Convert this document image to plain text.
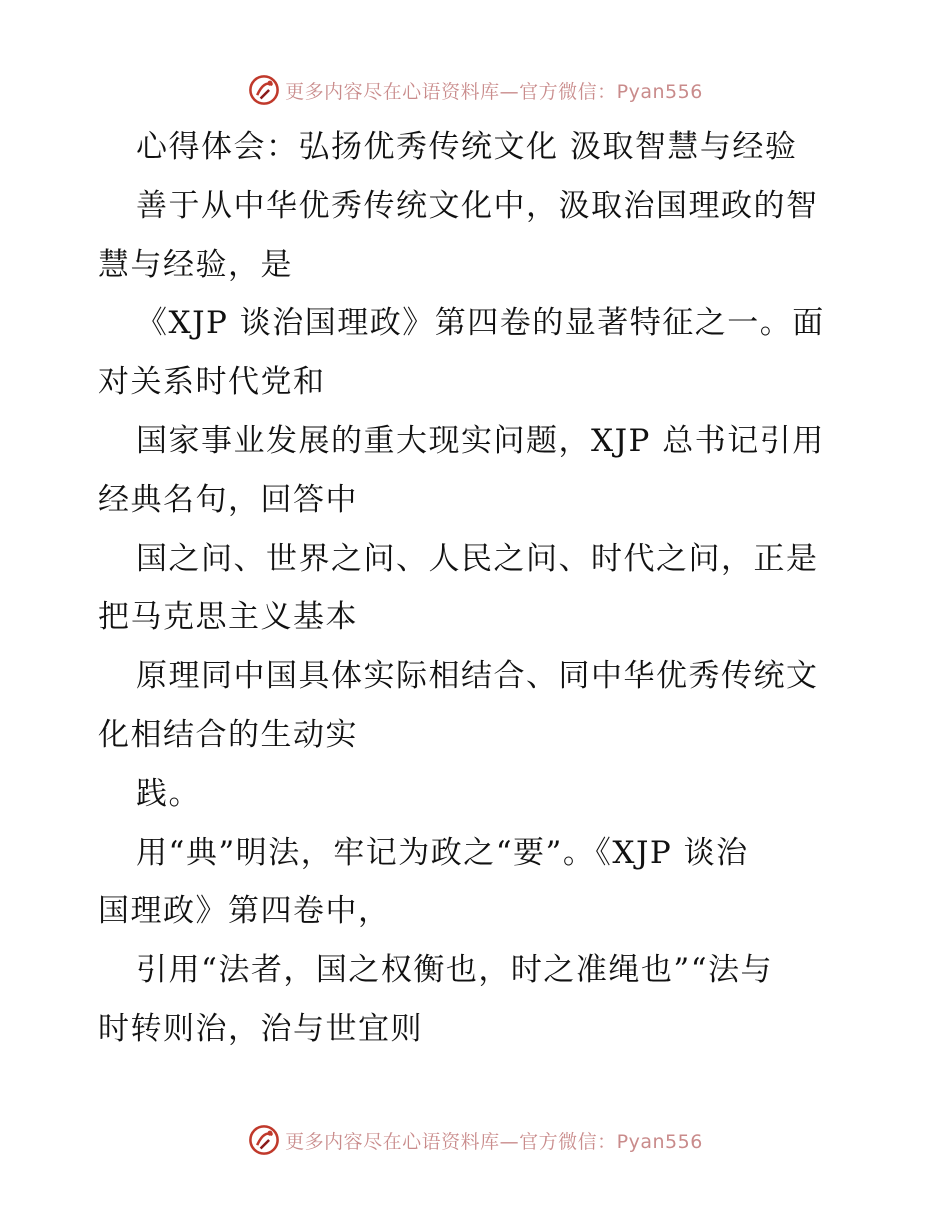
更多内容尽在心语资料库—官方微信：Pyan556
心得体会：弘扬优秀传统文化 汲取智慧与经验
善于从中华优秀传统文化中，汲取治国理政的智
慧与经验，是
《XJP 谈治国理政》第四卷的显著特征之一。面
对关系时代党和
国家事业发展的重大现实问题，XJP 总书记引用
经典名句，回答中
国之问、世界之问、人民之问、时代之问，正是
把马克思主义基本
原理同中国具体实际相结合、同中华优秀传统文
化相结合的生动实
践。
用“典”明法，牢记为政之“要”。《XJP 谈治
国理政》第四卷中，
引用“法者，国之权衡也，时之准绳也”“法与
时转则治，治与世宜则
更多内容尽在心语资料库—官方微信：Pyan556
